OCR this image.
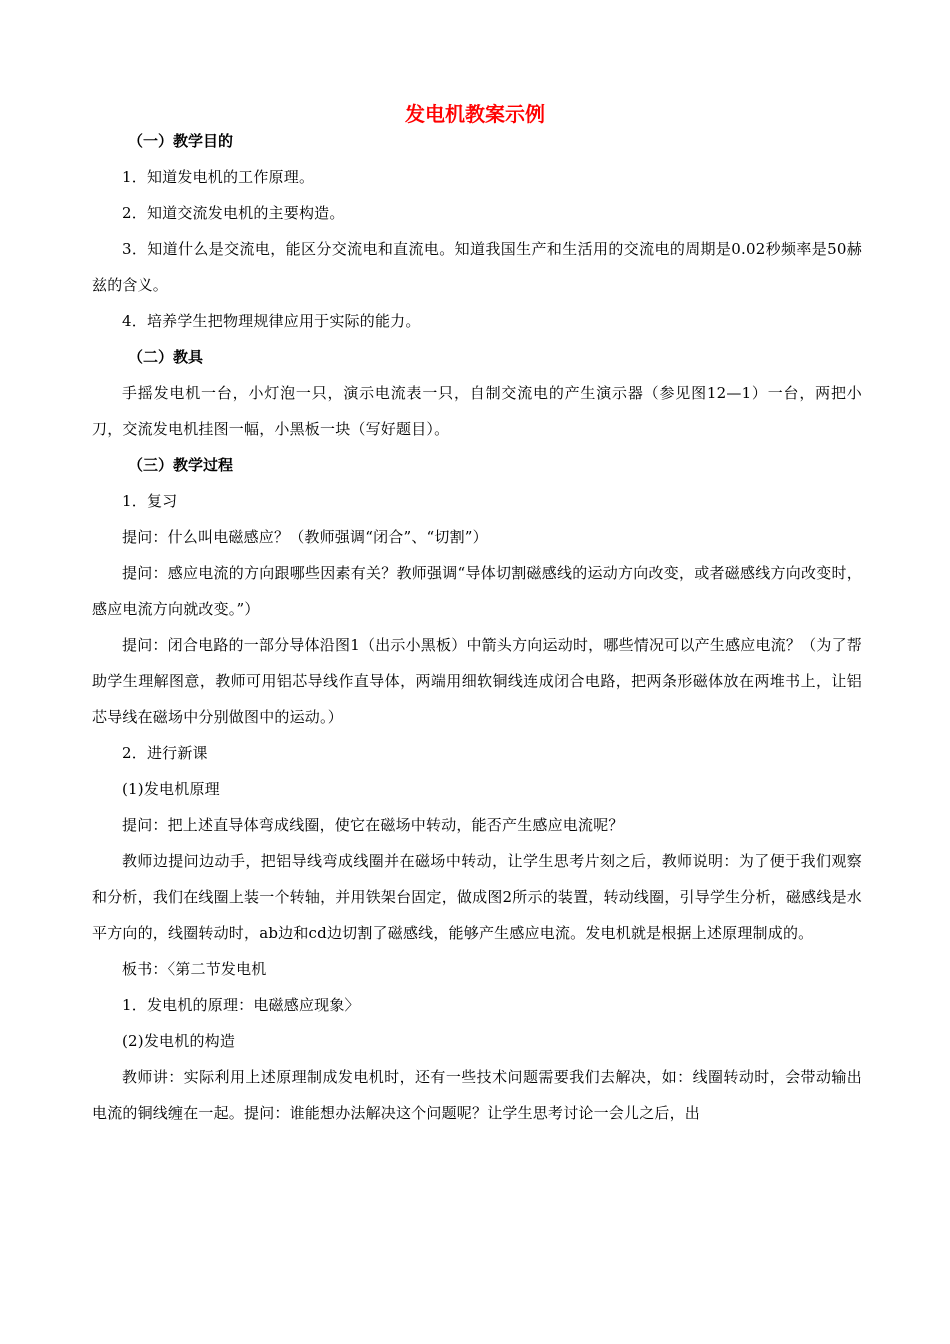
发电机教案示例

（一）教学目的

1．知道发电机的工作原理。

2．知道交流发电机的主要构造。

3．知道什么是交流电，能区分交流电和直流电。知道我国生产和生活用的交流电的周期是0.02秒频率是50赫兹的含义。

4．培养学生把物理规律应用于实际的能力。

（二）教具

手摇发电机一台，小灯泡一只，演示电流表一只，自制交流电的产生演示器（参见图12—1）一台，两把小刀，交流发电机挂图一幅，小黑板一块（写好题目）。

（三）教学过程

1．复习

提问：什么叫电磁感应？（教师强调“闭合”、“切割”）

提问：感应电流的方向跟哪些因素有关？教师强调“导体切割磁感线的运动方向改变，或者磁感线方向改变时，感应电流方向就改变。”）

提问：闭合电路的一部分导体沿图1（出示小黑板）中箭头方向运动时，哪些情况可以产生感应电流？（为了帮助学生理解图意，教师可用铝芯导线作直导体，两端用细软铜线连成闭合电路，把两条形磁体放在两堆书上，让铝芯导线在磁场中分别做图中的运动。）

2．进行新课

(1)发电机原理

提问：把上述直导体弯成线圈，使它在磁场中转动，能否产生感应电流呢？

教师边提问边动手，把铝导线弯成线圈并在磁场中转动，让学生思考片刻之后，教师说明：为了便于我们观察和分析，我们在线圈上装一个转轴，并用铁架台固定，做成图2所示的装置，转动线圈，引导学生分析，磁感线是水平方向的，线圈转动时，ab边和cd边切割了磁感线，能够产生感应电流。发电机就是根据上述原理制成的。

板书：〈第二节发电机

1．发电机的原理：电磁感应现象〉

(2)发电机的构造

教师讲：实际利用上述原理制成发电机时，还有一些技术问题需要我们去解决，如：线圈转动时，会带动输出电流的铜线缠在一起。提问：谁能想办法解决这个问题呢？让学生思考讨论一会儿之后，出
